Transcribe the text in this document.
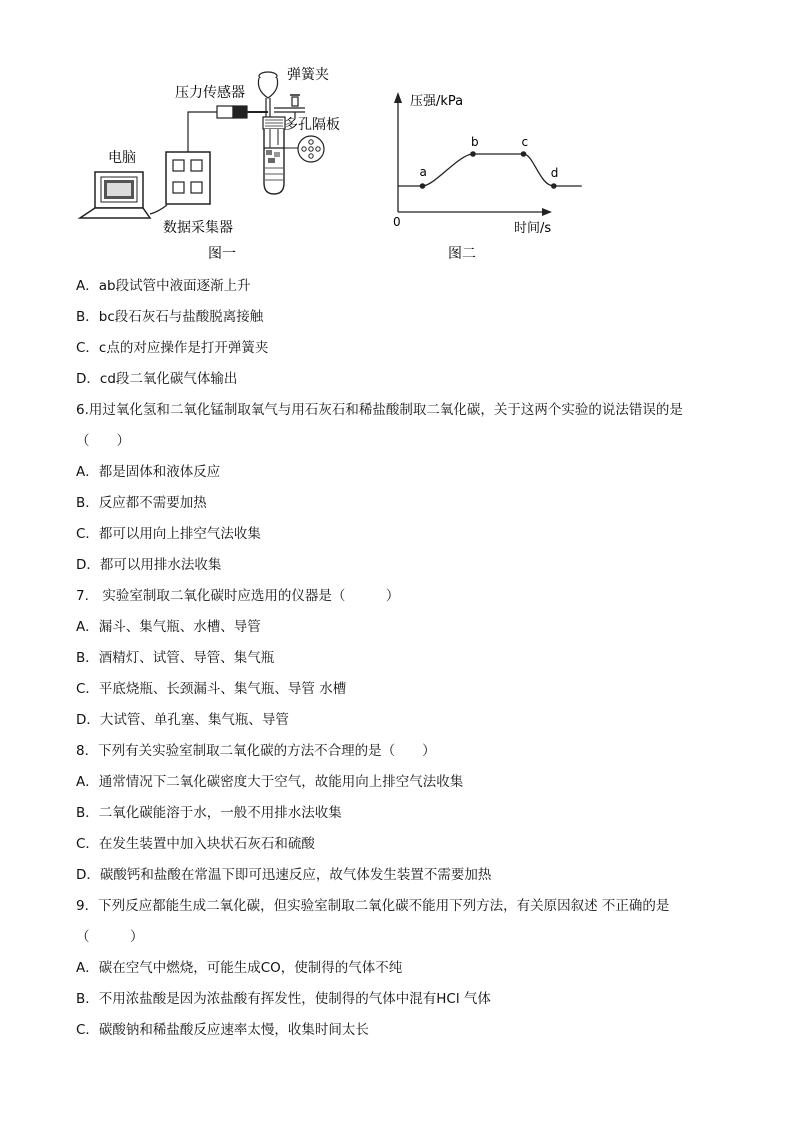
电脑
数据采集器
压力传感器
弹簧夹
多孔隔板
图一
压强/kPa
时间/s
0
a
b	c
d
图二
A．ab段试管中液面逐渐上升
B．bc段石灰石与盐酸脱离接触
C．c点的对应操作是打开弹簧夹
D．cd段二氧化碳气体输出
6.用过氧化氢和二氧化锰制取氧气与用石灰石和稀盐酸制取二氧化碳，关于这两个实验的说法错误的是
（　　）
A．都是固体和液体反应
B．反应都不需要加热
C．都可以用向上排空气法收集
D．都可以用排水法收集
7.　实验室制取二氧化碳时应选用的仪器是（　　　）
A．漏斗、集气瓶、水槽、导管
B．酒精灯、试管、导管、集气瓶
C．平底烧瓶、长颈漏斗、集气瓶、导管 水槽
D．大试管、单孔塞、集气瓶、导管
8．下列有关实验室制取二氧化碳的方法不合理的是（　　）
A．通常情况下二氧化碳密度大于空气，故能用向上排空气法收集
B．二氧化碳能溶于水，一般不用排水法收集
C．在发生装置中加入块状石灰石和硫酸
D．碳酸钙和盐酸在常温下即可迅速反应，故气体发生装置不需要加热
9．下列反应都能生成二氧化碳，但实验室制取二氧化碳不能用下列方法，有关原因叙述 不正确的是
（　　　）
A．碳在空气中燃烧，可能生成CO，使制得的气体不纯
B．不用浓盐酸是因为浓盐酸有挥发性，使制得的气体中混有HCl 气体
C．碳酸钠和稀盐酸反应速率太慢，收集时间太长
